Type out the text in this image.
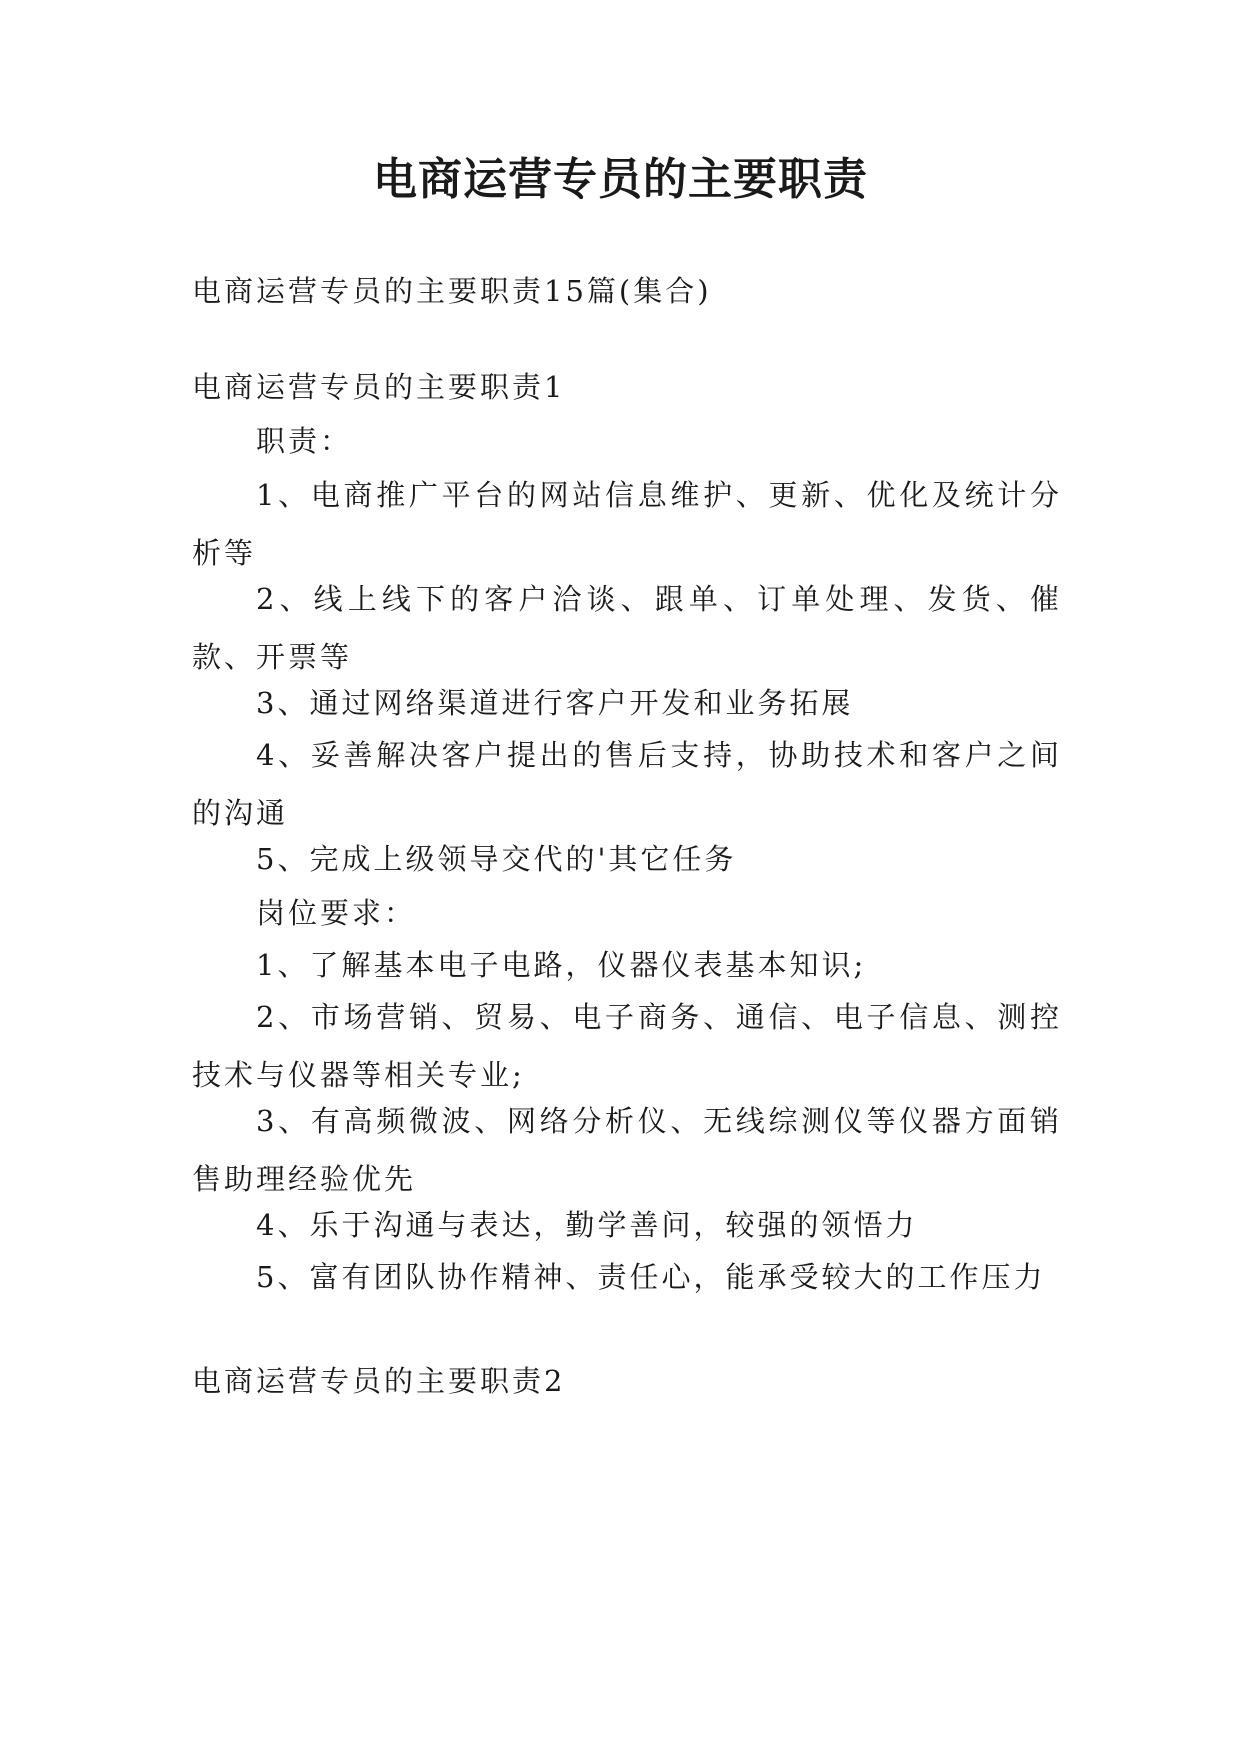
电商运营专员的主要职责
电商运营专员的主要职责15篇(集合)
电商运营专员的主要职责1
职责：
1、电商推广平台的网站信息维护、更新、优化及统计分析等
2、线上线下的客户洽谈、跟单、订单处理、发货、催款、开票等
3、通过网络渠道进行客户开发和业务拓展
4、妥善解决客户提出的售后支持，协助技术和客户之间的沟通
5、完成上级领导交代的'其它任务
岗位要求：
1、了解基本电子电路，仪器仪表基本知识;
2、市场营销、贸易、电子商务、通信、电子信息、测控技术与仪器等相关专业;
3、有高频微波、网络分析仪、无线综测仪等仪器方面销售助理经验优先
4、乐于沟通与表达，勤学善问，较强的领悟力
5、富有团队协作精神、责任心，能承受较大的工作压力
电商运营专员的主要职责2
